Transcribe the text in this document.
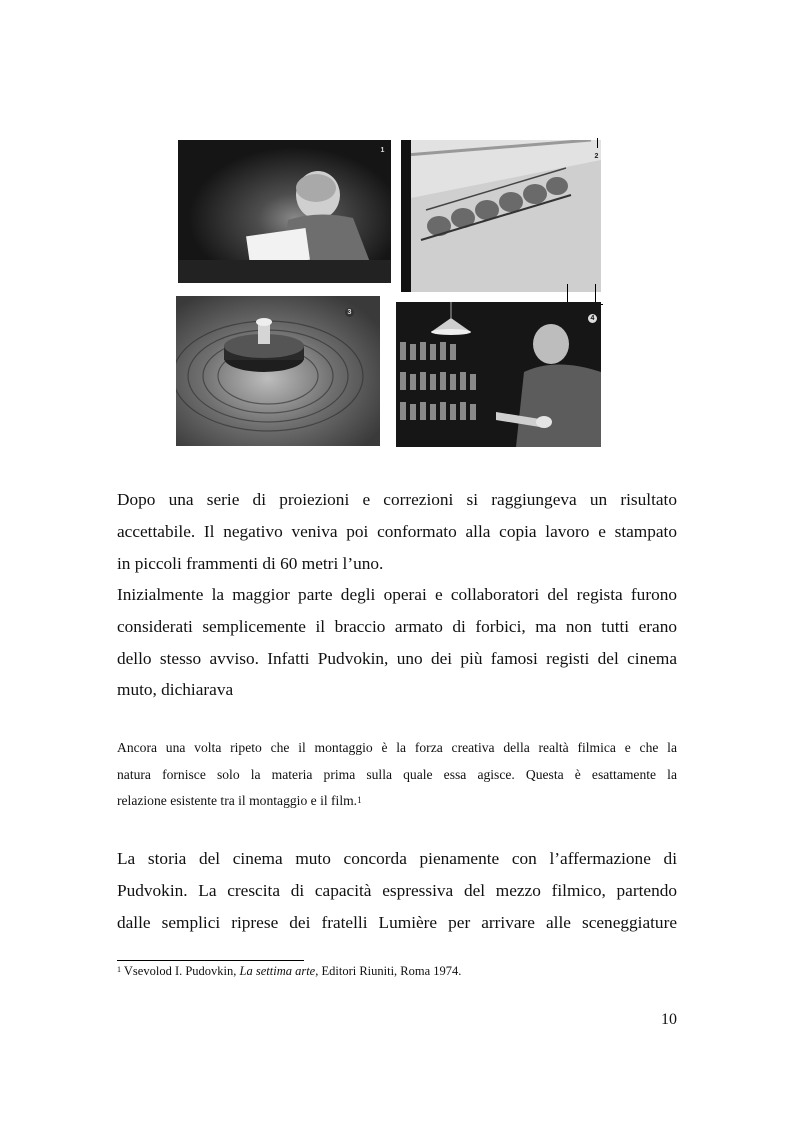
1
2
3
4
Dopo una serie di proiezioni e correzioni si raggiungeva un risultato
accettabile. Il negativo veniva poi conformato alla copia lavoro e stampato
in piccoli frammenti di 60 metri l’uno.
Inizialmente la maggior parte degli operai e collaboratori del regista furono
considerati semplicemente il braccio armato di forbici, ma non tutti erano
dello stesso avviso. Infatti Pudvokin, uno dei più famosi registi del cinema
muto, dichiarava
Ancora una volta ripeto che il montaggio è la forza creativa della realtà filmica e che la
natura fornisce solo la materia prima sulla quale essa agisce. Questa è esattamente la
relazione esistente tra il montaggio e il film.$^1$
La storia del cinema muto concorda pienamente con l’affermazione di
Pudvokin. La crescita di capacità espressiva del mezzo filmico, partendo
dalle semplici riprese dei fratelli Lumière per arrivare alle sceneggiature
$^1$ Vsevolod I. Pudovkin, La settima arte, Editori Riuniti, Roma 1974.
10
